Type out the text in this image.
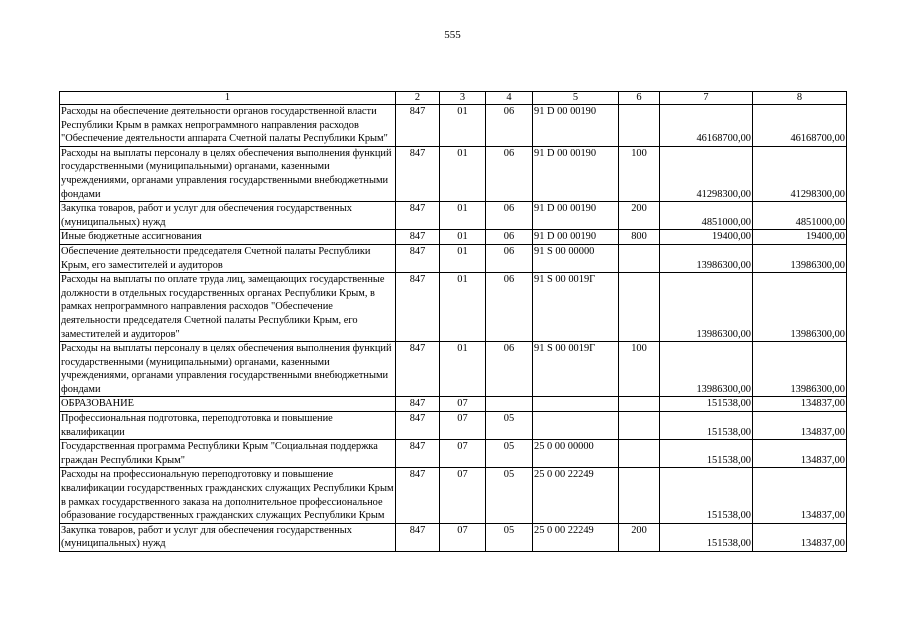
555
1	2	3	4	5	6	7	8
Расходы на обеспечение деятельности органов государственной власти Республики Крым в рамках непрограммного направления расходов "Обеспечение деятельности аппарата Счетной палаты Республики Крым"	847	01	06	91 D 00 00190		46168700,00	46168700,00
Расходы на выплаты персоналу в целях обеспечения выполнения функций государственными (муниципальными) органами, казенными учреждениями, органами управления государственными внебюджетными фондами	847	01	06	91 D 00 00190	100	41298300,00	41298300,00
Закупка товаров, работ и услуг для обеспечения государственных (муниципальных) нужд	847	01	06	91 D 00 00190	200	4851000,00	4851000,00
Иные бюджетные ассигнования	847	01	06	91 D 00 00190	800	19400,00	19400,00
Обеспечение деятельности председателя Счетной палаты Республики Крым, его заместителей и аудиторов	847	01	06	91 S 00 00000		13986300,00	13986300,00
Расходы на выплаты по оплате труда лиц, замещающих государственные должности в отдельных государственных органах Республики Крым, в рамках непрограммного направления расходов "Обеспечение деятельности председателя Счетной палаты Республики Крым, его заместителей и аудиторов"	847	01	06	91 S 00 0019Г		13986300,00	13986300,00
Расходы на выплаты персоналу в целях обеспечения выполнения функций государственными (муниципальными) органами, казенными учреждениями, органами управления государственными внебюджетными фондами	847	01	06	91 S 00 0019Г	100	13986300,00	13986300,00
ОБРАЗОВАНИЕ	847	07				151538,00	134837,00
Профессиональная подготовка, переподготовка и повышение квалификации	847	07	05			151538,00	134837,00
Государственная программа Республики Крым "Социальная поддержка граждан Республики Крым"	847	07	05	25 0 00 00000		151538,00	134837,00
Расходы на профессиональную переподготовку и повышение квалификации государственных гражданских служащих Республики Крым в рамках государственного заказа на дополнительное профессиональное образование государственных гражданских служащих Республики Крым	847	07	05	25 0 00 22249		151538,00	134837,00
Закупка товаров, работ и услуг для обеспечения государственных (муниципальных) нужд	847	07	05	25 0 00 22249	200	151538,00	134837,00
